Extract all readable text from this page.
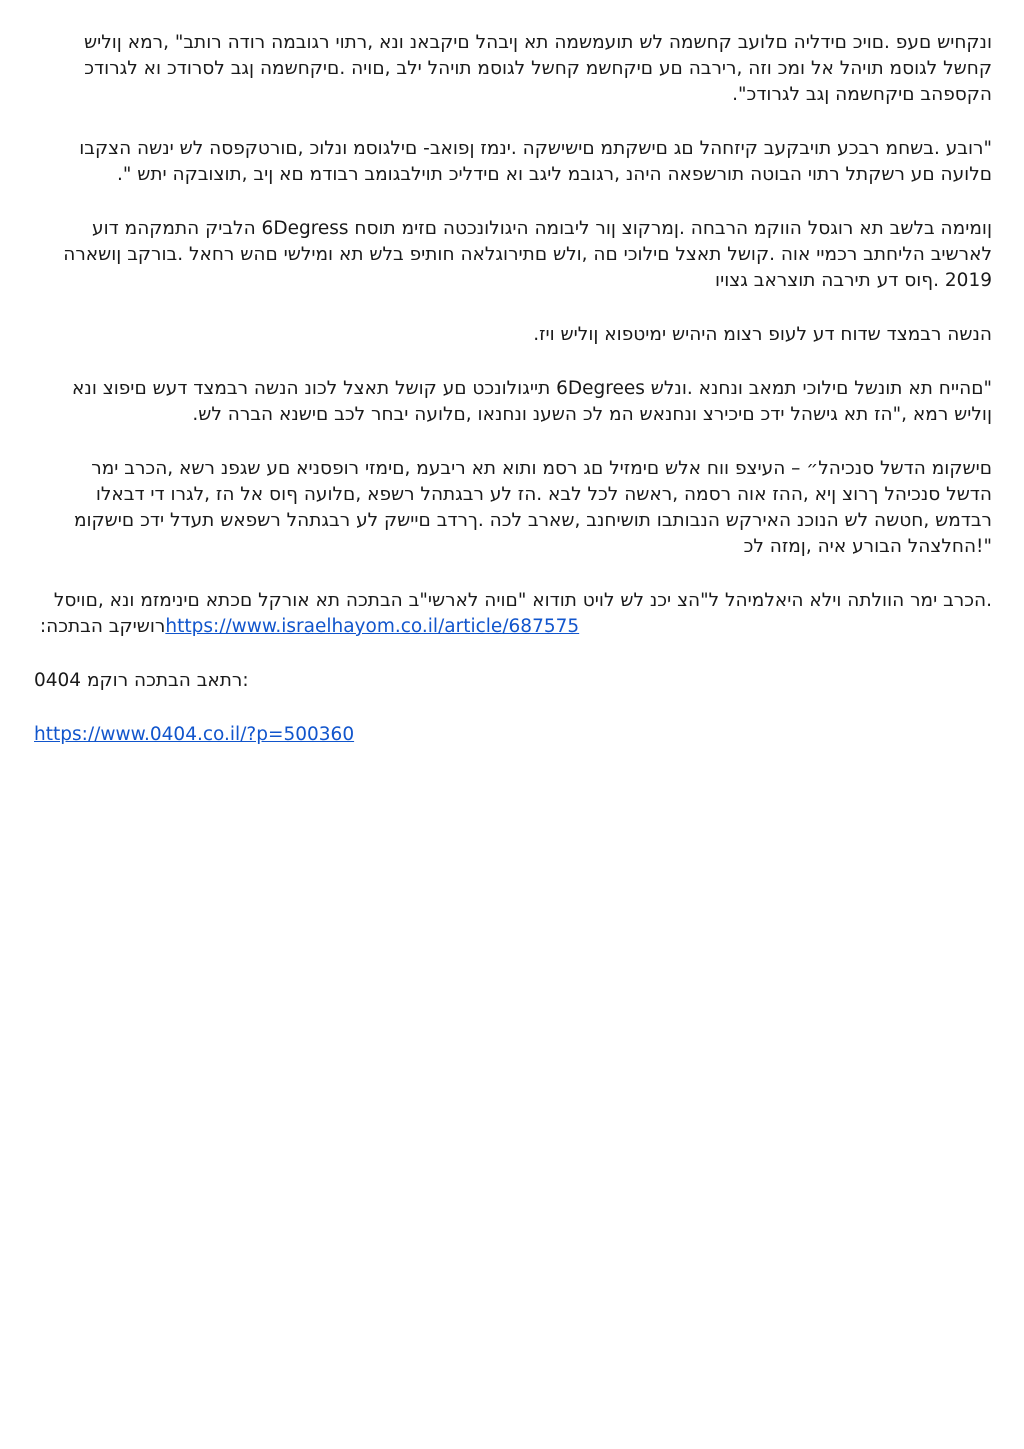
ונקחיש םעפ .םויכ םידליה םלועב קחשמה לש תועמשמה תא ןיבהל םיקבאנ ונא ,רתוי רגובמה רודה רותב" ,רמא ןוליש
קחשל לגוסמ תויהל אל ומכ וזה ,רירבה םע םיקחשמ קחשל לגוסמ תויהל ילב ,םויה .םיקחשמה ןגב לסרודכ וא לגרודכ
הקספהב םיקחשמה ןגב לגרודכ".

"רובע .בשחמ רבכע תויבקעב קיזחהל םג םישקתמ םישישקה .ינמז ןפואב- םילגוסמ ונלוכ ,םורטקפסה לש ינשה הצקבו
םלועה םע רשקתל רתוי הבוטה תורשפאה היהנ ,רגובמ ליגב וא םידליכ תוילבגומב רבודמ םא ןיב ,תוצובקה יתש ".

ןומימה בלשב תא רוגסל הווקמ הרבחה .ןמרקוצ ןור ליבומה היגולונכטה םזימ תוסח 6Degress הלביק התמקהמ דוע
לארשיב הליחתב רכמיי אוה .קושל תאצל םילוכי םה ,ולש םתירוגלאה חותיפ בלש תא ומילשי םהש רחאל .בורקב ןושארה
2019 .ףוס דע תירבה תוצראב גצויו

הנשה רבמצד שדוח דע לעופ רצומ היהיש ימיטפוא ןוליש ויז.

"םהייח תא תונשל םילוכי תמאב ונחנא .ונלש 6Degrees תייגולונכט םע קושל תאצל לכונ הנשה רבמצד דעש םיפוצ ונא
ןוליש רמא ,"הז תא גישהל ידכ םיכירצ ונחנאש המ לכ השענ ונחנאו ,םלועה יבחר לכב םישנא הברה לש.

םישקומ הדשל סנכיהל״ – העיצפ ווח אלש םימזיל םג רסמ ותוא תא ריבעמ ,םימזי רופסניא םע שגפנ רשא ,הכרב ימר
הדשל סנכיהל ךרוצ ןיא ,ההז אוה רסמה ,ראשה לכל לבא .הז לע רבגתהל רשפא ,םלועה ףוס אל הז ,לגרו די דבאלו
רבדמש ,חטשה לש הנוכנ האירקש הנבותבו תושיחנב ,שארב לכה .ךרדב םיישק לע רבגתהל רשפאש תעדל ידכ םישקומ
"!החלצהל הבורע איה ,ןמזה לכ

.הכרב ימר הוולתה וילא היאלמיהל ל"הצ יכנ לש לויט תודוא "םויה לארשי"ב הבתכה תא אורקל םכתא םינימזמ ונא ,םויסל
רושיקב הבתכה: https://www.israelhayom.co.il/article/687575

0404 רתאב הבתכה רוקמ:

https://www.0404.co.il/?p=500360
